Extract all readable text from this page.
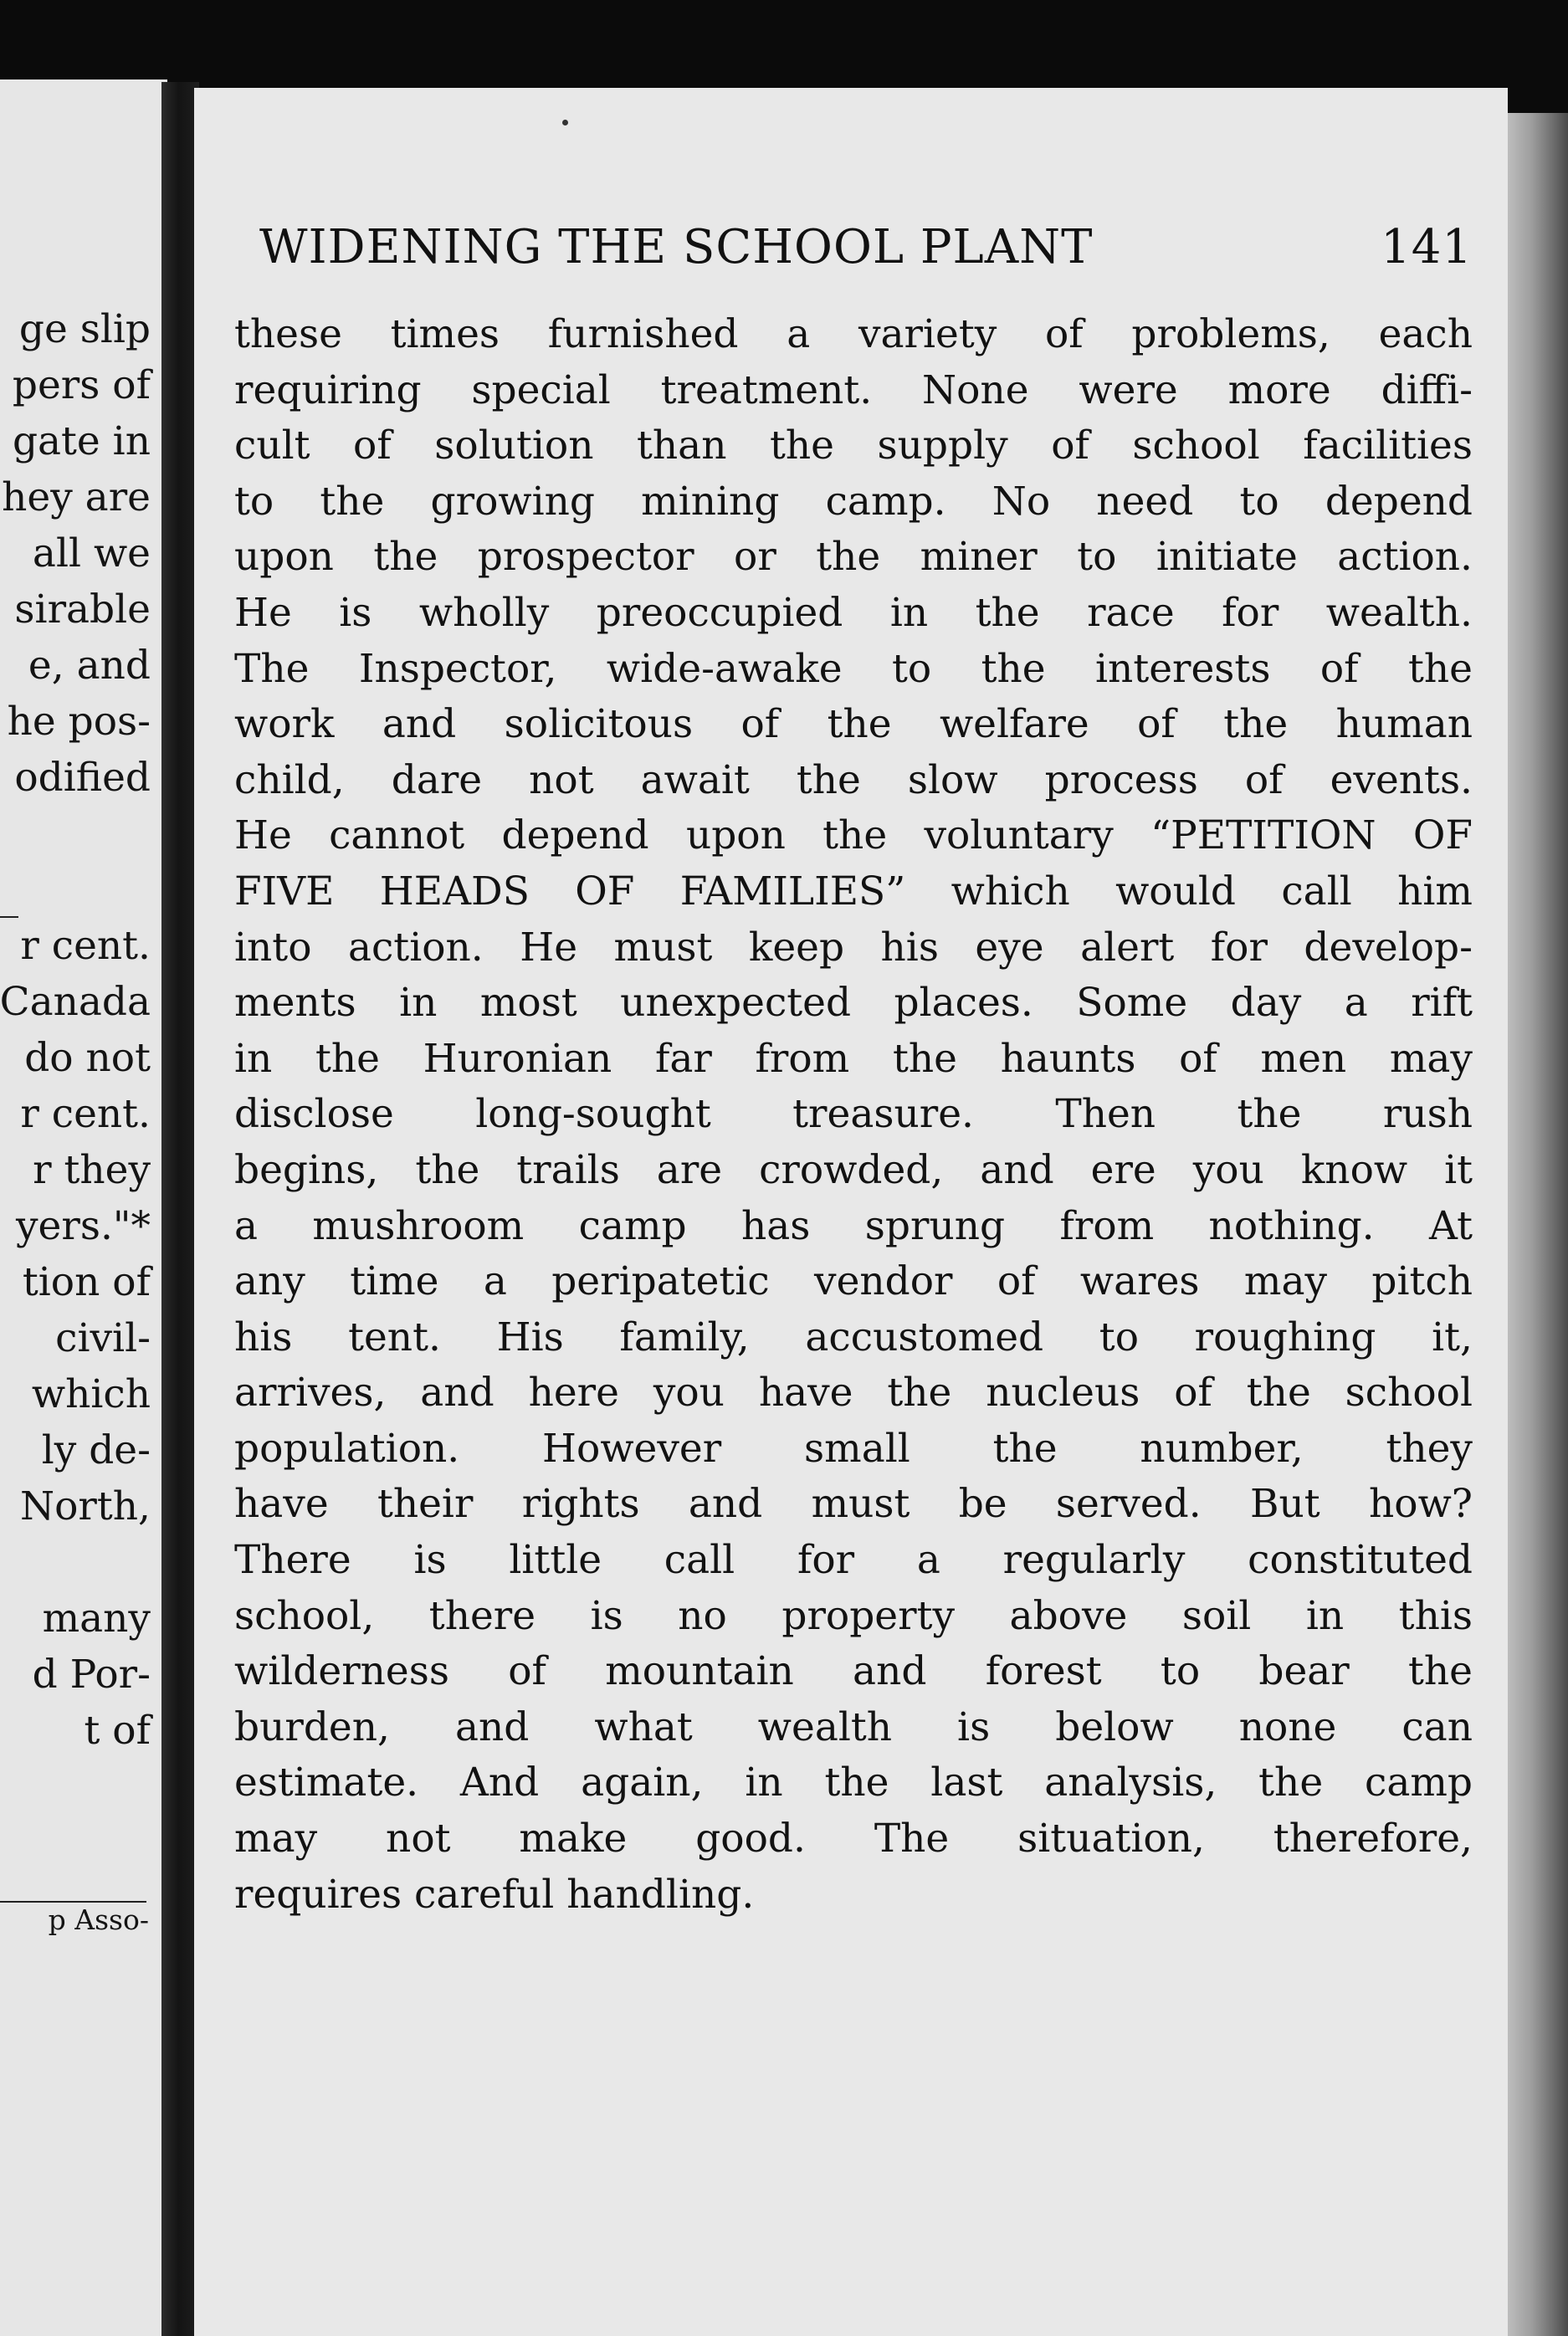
ge slip
pers of
gate in
hey are
all we
sirable
e, and
he pos-
odified
r cent.
Canada
do not
r cent.
r they
yers."*
tion of
civil-
which
ly de-
North,
many
d Por-
t of
p Asso-
WIDENING THE SCHOOL PLANT	141
these times furnished a variety of problems, each
requiring special treatment. None were more diffi-
cult of solution than the supply of school facilities
to the growing mining camp. No need to depend
upon the prospector or the miner to initiate action.
He is wholly preoccupied in the race for wealth.
The Inspector, wide-awake to the interests of the
work and solicitous of the welfare of the human
child, dare not await the slow process of events.
He cannot depend upon the voluntary “PETITION OF
FIVE HEADS OF FAMILIES” which would call him
into action. He must keep his eye alert for develop-
ments in most unexpected places. Some day a rift
in the Huronian far from the haunts of men may
disclose long-sought treasure. Then the rush
begins, the trails are crowded, and ere you know it
a mushroom camp has sprung from nothing. At
any time a peripatetic vendor of wares may pitch
his tent. His family, accustomed to roughing it,
arrives, and here you have the nucleus of the school
population. However small the number, they
have their rights and must be served. But how?
There is little call for a regularly constituted
school, there is no property above soil in this
wilderness of mountain and forest to bear the
burden, and what wealth is below none can
estimate. And again, in the last analysis, the camp
may not make good. The situation, therefore,
requires careful handling.
